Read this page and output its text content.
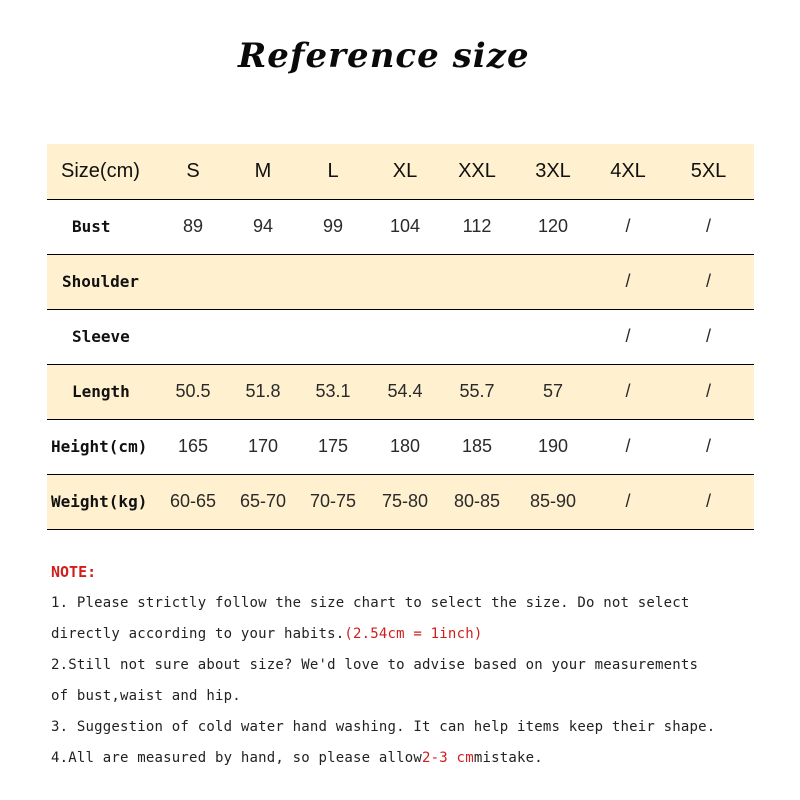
Reference size
Size(cm)	S	M	L	XL	XXL	3XL	4XL	5XL
Bust	89	94	99	104	112	120	/	/
Shoulder							/	/
Sleeve							/	/
Length	50.5	51.8	53.1	54.4	55.7	57	/	/
Height(cm)	165	170	175	180	185	190	/	/
Weight(kg)	60-65	65-70	70-75	75-80	80-85	85-90	/	/
NOTE:
1. Please strictly follow the size chart to select the size. Do not select
directly according to your habits.(2.54cm = 1inch)
2.Still not sure about size? We'd love to advise based on your measurements
of bust,waist and hip.
3. Suggestion of cold water hand washing. It can help items keep their shape.
4.All are measured by hand, so please allow2-3 cmmistake.
